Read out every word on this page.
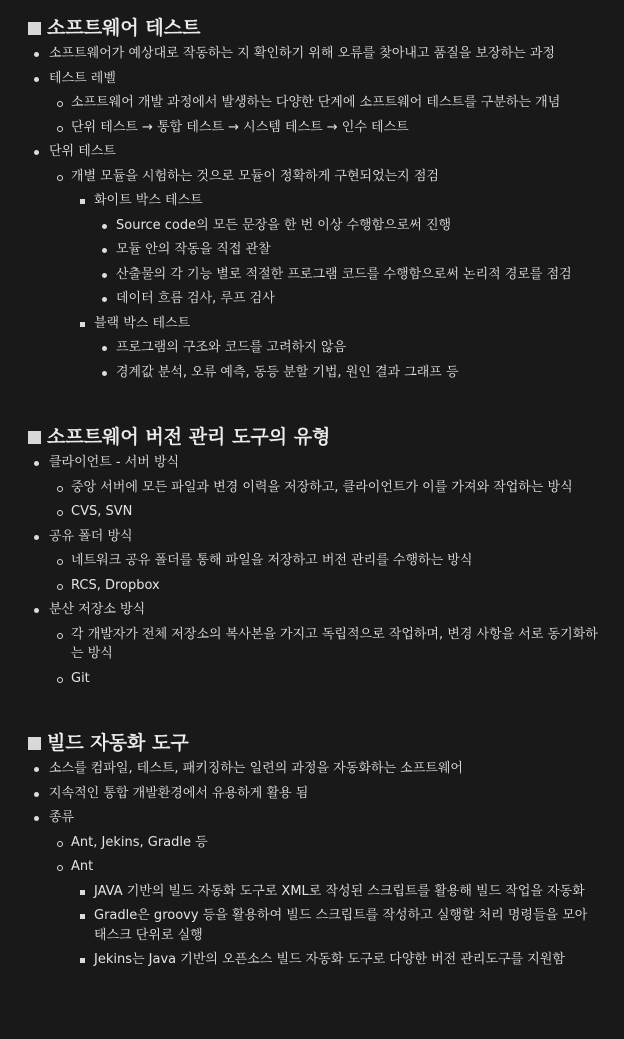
소프트웨어 테스트
소프트웨어가 예상대로 작동하는 지 확인하기 위해 오류를 찾아내고 품질을 보장하는 과정
테스트 레벨
소프트웨어 개발 과정에서 발생하는 다양한 단계에 소프트웨어 테스트를 구분하는 개념
단위 테스트 → 통합 테스트 → 시스템 테스트 → 인수 테스트
단위 테스트
개별 모듈을 시험하는 것으로 모듈이 정확하게 구현되었는지 점검
화이트 박스 테스트
Source code의 모든 문장을 한 번 이상 수행함으로써 진행
모듈 안의 작동을 직접 관찰
산출물의 각 기능 별로 적절한 프로그램 코드를 수행함으로써 논리적 경로를 점검
데이터 흐름 검사, 루프 검사
블랙 박스 테스트
프로그램의 구조와 코드를 고려하지 않음
경계값 분석, 오류 예측, 동등 분할 기법, 원인 결과 그래프 등
소프트웨어 버전 관리 도구의 유형
클라이언트 - 서버 방식
중앙 서버에 모든 파일과 변경 이력을 저장하고, 클라이언트가 이를 가져와 작업하는 방식
CVS, SVN
공유 폴더 방식
네트워크 공유 폴더를 통해 파일을 저장하고 버전 관리를 수행하는 방식
RCS, Dropbox
분산 저장소 방식
각 개발자가 전체 저장소의 복사본을 가지고 독립적으로 작업하며, 변경 사항을 서로 동기화하는 방식
Git
빌드 자동화 도구
소스를 컴파일, 테스트, 패키징하는 일련의 과정을 자동화하는 소프트웨어
지속적인 통합 개발환경에서 유용하게 활용 됨
종류
Ant, Jekins, Gradle 등
Ant
JAVA 기반의 빌드 자동화 도구로 XML로 작성된 스크립트를 활용해 빌드 작업을 자동화
Gradle은 groovy 등을 활용하여 빌드 스크립트를 작성하고 실행할 처리 명령들을 모아 태스크 단위로 실행
Jekins는 Java 기반의 오픈소스 빌드 자동화 도구로 다양한 버전 관리도구를 지원함
